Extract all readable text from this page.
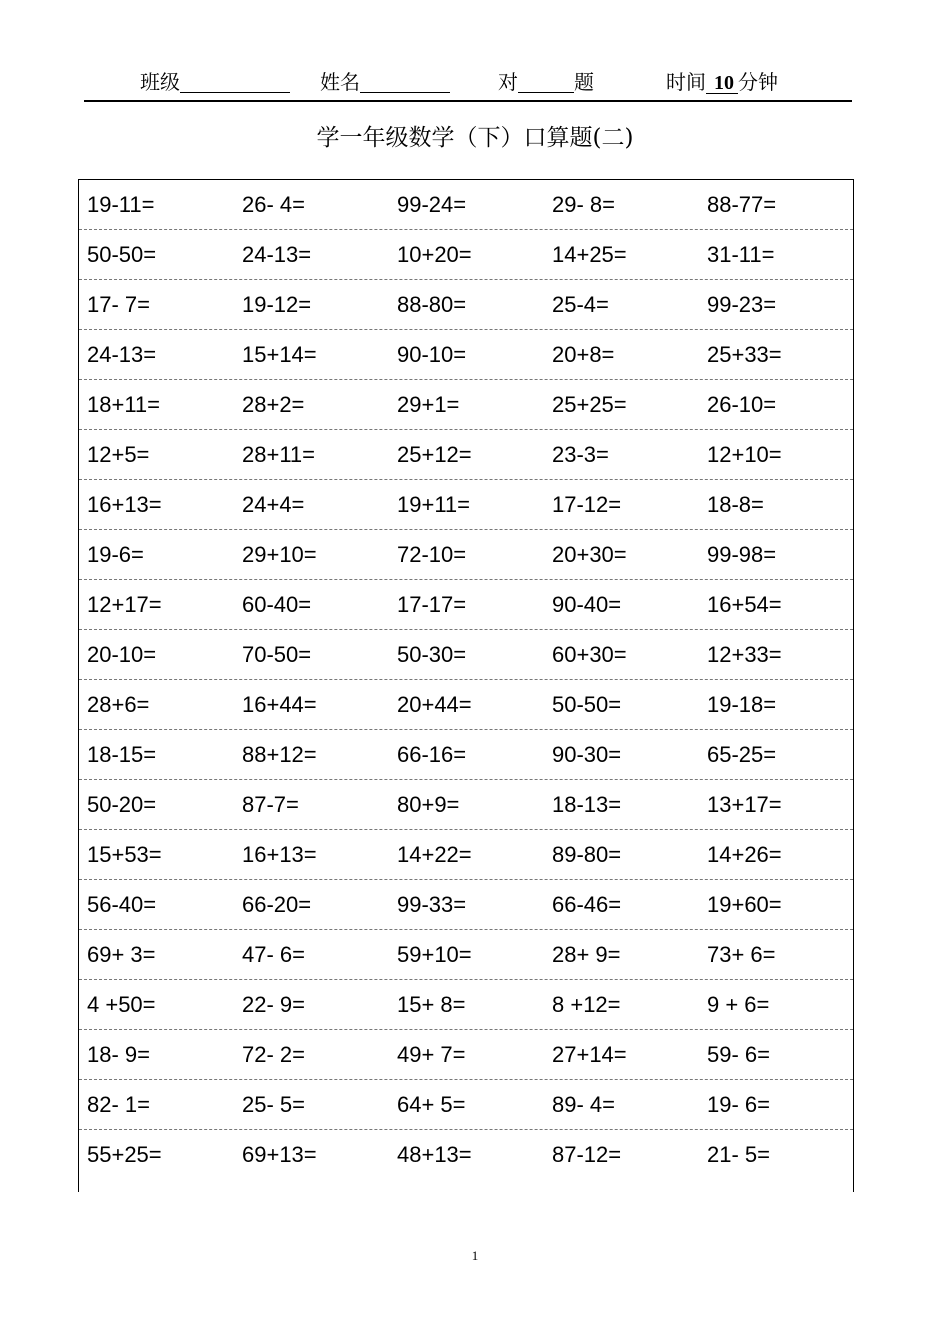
班级	姓名	对	题	时间 10 分钟
学一年级数学（下）口算题(二)
19-11=	26- 4=	99-24=	29- 8=	88-77=
50-50=	24-13=	10+20=	14+25=	31-11=
17- 7=	19-12=	88-80=	25-4=	99-23=
24-13=	15+14=	90-10=	20+8=	25+33=
18+11=	28+2=	29+1=	25+25=	26-10=
12+5=	28+11=	25+12=	23-3=	12+10=
16+13=	24+4=	19+11=	17-12=	18-8=
19-6=	29+10=	72-10=	20+30=	99-98=
12+17=	60-40=	17-17=	90-40=	16+54=
20-10=	70-50=	50-30=	60+30=	12+33=
28+6=	16+44=	20+44=	50-50=	19-18=
18-15=	88+12=	66-16=	90-30=	65-25=
50-20=	87-7=	80+9=	18-13=	13+17=
15+53=	16+13=	14+22=	89-80=	14+26=
56-40=	66-20=	99-33=	66-46=	19+60=
69+ 3=	47- 6=	59+10=	28+ 9=	73+ 6=
4 +50=	22- 9=	15+ 8=	8 +12=	9 + 6=
18- 9=	72- 2=	49+ 7=	27+14=	59- 6=
82- 1=	25- 5=	64+ 5=	89- 4=	19- 6=
55+25=	69+13=	48+13=	87-12=	21- 5=
1
